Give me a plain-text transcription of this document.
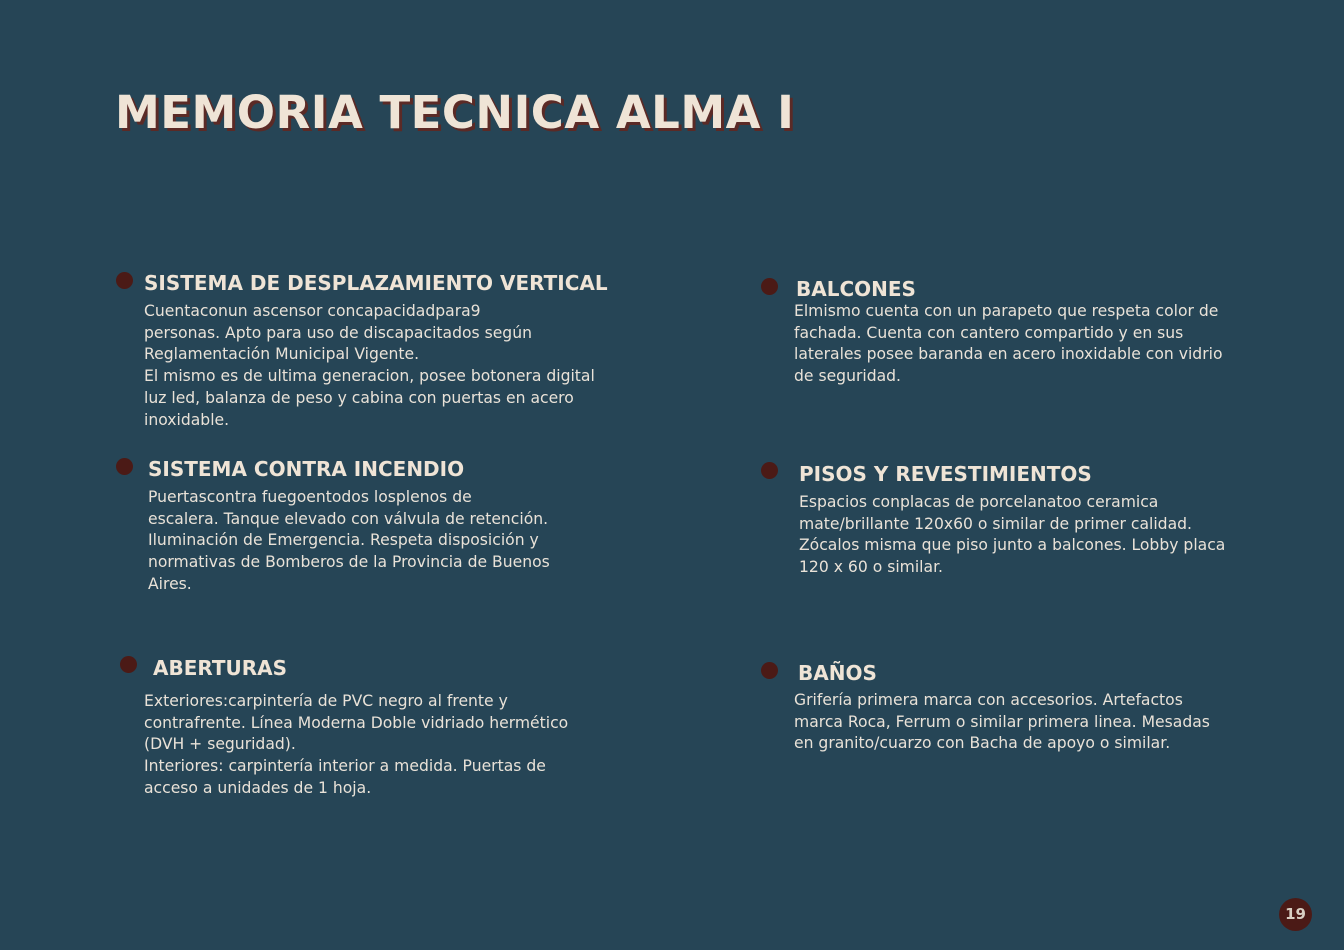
MEMORIA TECNICA ALMA I
SISTEMA DE DESPLAZAMIENTO VERTICAL
Cuentaconun ascensor concapacidadpara9
personas. Apto para uso de discapacitados según
Reglamentación Municipal Vigente.
El mismo es de ultima generacion, posee botonera digital
luz led, balanza de peso y cabina con puertas en acero
inoxidable.
SISTEMA CONTRA INCENDIO
Puertascontra fuegoentodos losplenos de
escalera. Tanque elevado con válvula de retención.
Iluminación de Emergencia. Respeta disposición y
normativas de Bomberos de la Provincia de Buenos
Aires.
ABERTURAS
Exteriores:carpintería de PVC negro al frente y
contrafrente. Línea Moderna Doble vidriado hermético
(DVH + seguridad).
Interiores: carpintería interior a medida. Puertas de
acceso a unidades de 1 hoja.
BALCONES
Elmismo cuenta con un parapeto que respeta color de
fachada. Cuenta con cantero compartido y en sus
laterales posee baranda en acero inoxidable con vidrio
de seguridad.
PISOS Y REVESTIMIENTOS
Espacios conplacas de porcelanatoo ceramica
mate/brillante 120x60 o similar de primer calidad.
Zócalos misma que piso junto a balcones. Lobby placa
120 x 60 o similar.
BAÑOS
Grifería primera marca con accesorios. Artefactos
marca Roca, Ferrum o similar primera linea. Mesadas
en granito/cuarzo con Bacha de apoyo o similar.
19
